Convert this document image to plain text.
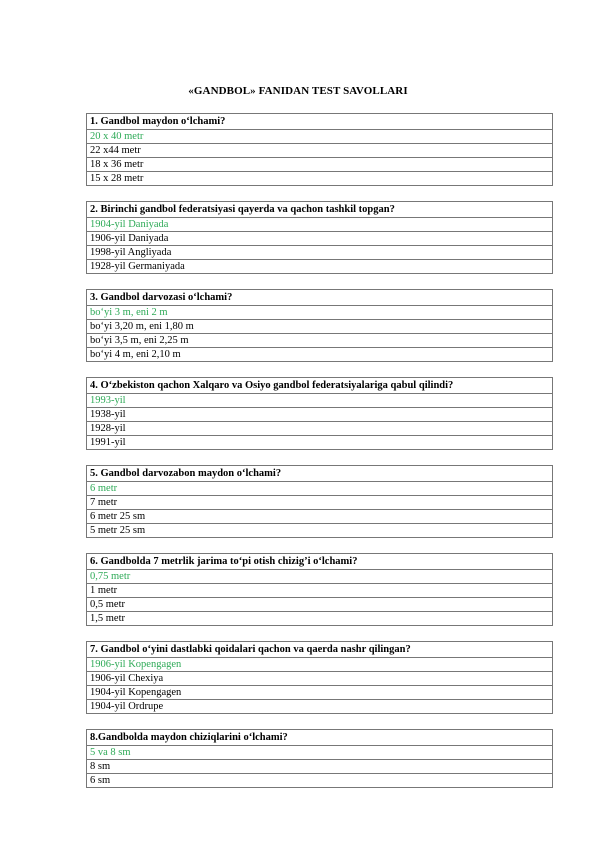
«GANDBOL» FANIDAN TEST SAVOLLARI
1. Gandbol maydon o‘lchami?
20 x 40 metr
22 x44 metr
18 x 36 metr
15 x 28 metr
2. Birinchi gandbol federatsiyasi qayerda va qachon tashkil topgan?
1904-yil Daniyada
1906-yil Daniyada
1998-yil Angliyada
1928-yil Germaniyada
3. Gandbol darvozasi o‘lchami?
bo‘yi 3 m, eni 2 m
bo‘yi 3,20 m, eni 1,80 m
bo‘yi 3,5 m, eni 2,25 m
bo‘yi 4 m, eni 2,10 m
4. O‘zbekiston qachon Xalqaro va Osiyo gandbol federatsiyalariga qabul qilindi?
1993-yil
1938-yil
1928-yil
1991-yil
5. Gandbol darvozabon maydon o‘lchami?
6 metr
7 metr
6 metr 25 sm
5 metr 25 sm
6. Gandbolda 7 metrlik jarima to‘pi otish chizig’i o‘lchami?
0,75 metr
1 metr
0,5 metr
1,5 metr
7. Gandbol o‘yini dastlabki qoidalari qachon va qaerda nashr qilingan?
1906-yil Kopengagen
1906-yil Chexiya
1904-yil Kopengagen
1904-yil Ordrupe
8.Gandbolda maydon chiziqlarini o‘lchami?
5 va 8 sm
8 sm
6 sm
